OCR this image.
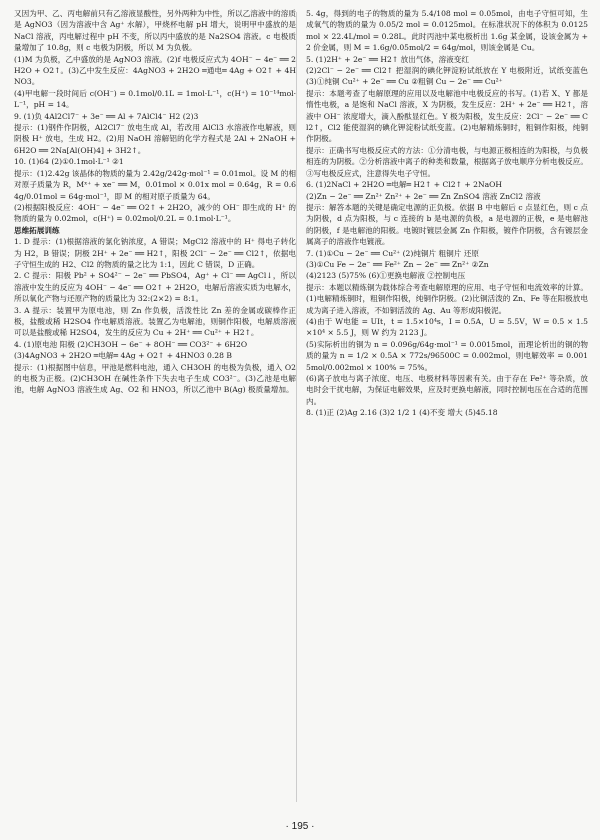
又因为甲、乙、丙电解前只有乙溶液显酸性，另外两种为中性，所以乙溶液中的溶质是 AgNO3（因为溶液中含 Ag⁺ 水解），甲烧杯电解 pH 增大，说明甲中盛放的是 NaCl 溶液，丙电解过程中 pH 不变，所以丙中盛放的是 Na2SO4 溶液。c 电极质量增加了 10.8g，则 c 电极为阴极，所以 M 为负极。
(1)M 为负极，乙中盛放的是 AgNO3 溶液。(2)f 电极反应式为 4OH⁻ − 4e⁻ ══ 2H2O + O2↑。(3)乙中发生反应：4AgNO3 + 2H2O ═通电═ 4Ag + O2↑ + 4HNO3。
(4)甲电解一段时间后 c(OH⁻) = 0.1mol/0.1L = 1mol·L⁻¹，c(H⁺) = 10⁻¹⁴mol·L⁻¹，pH = 14。
9. (1)负 4Al2Cl7⁻ + 3e⁻ ══ Al + 7AlCl4⁻ H2 (2)3
提示：(1)钢件作阴极，Al2Cl7⁻ 放电生成 Al，若改用 AlCl3 水溶液作电解液，则阴极 H⁺ 放电，生成 H2。(2)用 NaOH 溶解铝的化学方程式是 2Al + 2NaOH + 6H2O ══ 2Na[Al(OH)4] + 3H2↑。
10. (1)64 (2)①0.1mol·L⁻¹ ②1
提示：(1)2.42g 该晶体的物质的量为 2.42g/242g·mol⁻¹ = 0.01mol。设 M 的相对原子质量为 R，Mˣ⁺ + xe⁻ ══ M，0.01mol × 0.01x mol = 0.64g，R = 0.64g/0.01mol = 64g·mol⁻¹，即 M 的相对原子质量为 64。
(2)根据阳极反应：4OH⁻ − 4e⁻ ══ O2↑ + 2H2O，减少的 OH⁻ 即生成的 H⁺ 的物质的量为 0.02mol，c(H⁺) = 0.02mol/0.2L = 0.1mol·L⁻¹。
思维拓展训练
1. D 提示：(1)根据溶液的氯化钠浓度，A 错误；MgCl2 溶液中的 H⁺ 得电子转化为 H2，B 错误；阴极 2H⁺ + 2e⁻ ══ H2↑，阳极 2Cl⁻ − 2e⁻ ══ Cl2↑，依据电子守恒生成的 H2、Cl2 的物质的量之比为 1:1，因此 C 错误，D 正确。
2. C 提示：阳极 Pb² + SO4²⁻ − 2e⁻ ══ PbSO4，Ag⁺ + Cl⁻ ══ AgCl↓，所以溶液中发生的反应为 4OH⁻ − 4e⁻ ══ O2↑ + 2H2O，电解后溶液实质为电解水，所以氧化产物与还原产物的质量比为 32:(2×2) = 8:1。
3. A 提示：装置甲为原电池，则 Zn 作负极，活泼性比 Zn 差的金属或碳棒作正极，盐酸或稀 H2SO4 作电解质溶液。装置乙为电解池，则铜作阳极，电解质溶液可以是盐酸或稀 H2SO4，发生的反应为 Cu + 2H⁺ ══ Cu²⁺ + H2↑。
4. (1)原电池 阳极 (2)CH3OH − 6e⁻ + 8OH⁻ ══ CO3²⁻ + 6H2O
(3)4AgNO3 + 2H2O ═电解═ 4Ag + O2↑ + 4HNO3 0.28 B
提示：(1)根据图中信息，甲池是燃料电池，通入 CH3OH 的电极为负极，通入 O2 的电极为正极。(2)CH3OH 在碱性条件下失去电子生成 CO3²⁻。(3)乙池是电解池，电解 AgNO3 溶液生成 Ag、O2 和 HNO3，所以乙池中 B(Ag) 极质量增加。
5. 4g，得到的电子的物质的量为 5.4/108 mol = 0.05mol，由电子守恒可知，生成氧气的物质的量为 0.05/2 mol = 0.0125mol。在标准状况下的体积为 0.0125mol × 22.4L/mol = 0.28L。此时丙池中某电极析出 1.6g 某金属，设该金属为 +2 价金属，则 M = 1.6g/0.05mol/2 = 64g/mol，则该金属是 Cu。
5. (1)2H⁺ + 2e⁻ ══ H2↑ 放出气体，溶液变红
(2)2Cl⁻ − 2e⁻ ══ Cl2↑ 把湿润的碘化钾淀粉试纸放在 Y 电极附近，试纸变蓝色 (3)①纯铜 Cu²⁺ + 2e⁻ ══ Cu ②粗铜 Cu − 2e⁻ ══ Cu²⁺
提示：本题考查了电解原理的应用以及电解池中电极反应的书写。(1)若 X、Y 都是惰性电极，a 是饱和 NaCl 溶液，X 为阴极，发生反应：2H⁺ + 2e⁻ ══ H2↑，溶液中 OH⁻ 浓度增大，滴入酚酞显红色。Y 极为阳极，发生反应：2Cl⁻ − 2e⁻ ══ Cl2↑，Cl2 能使湿润的碘化钾淀粉试纸变蓝。(2)电解精炼铜时，粗铜作阳极，纯铜作阴极。
提示：正确书写电极反应式的方法：①分清电极，与电源正极相连的为阳极，与负极相连的为阴极。②分析溶液中离子的种类和数量，根据离子放电顺序分析电极反应。③写电极反应式，注意得失电子守恒。
6. (1)2NaCl + 2H2O ═电解═ H2↑ + Cl2↑ + 2NaOH
(2)Zn − 2e⁻ ══ Zn²⁺ Zn²⁺ + 2e⁻ ══ Zn ZnSO4 溶液 ZnCl2 溶液
提示：解答本题的关键是确定电源的正负极。依据 B 中电解后 c 点显红色，则 c 点为阴极，d 点为阳极，与 c 连接的 b 是电源的负极，a 是电源的正极，e 是电解池的阴极，f 是电解池的阳极。电镀时镀层金属 Zn 作阳极，镀件作阴极，含有镀层金属离子的溶液作电镀液。
7. (1)①Cu − 2e⁻ ══ Cu²⁺ (2)纯铜片 粗铜片 还原
(3)①Cu Fe − 2e⁻ ══ Fe²⁺ Zn − 2e⁻ ══ Zn²⁺ ②Zn
(4)2123 (5)75% (6)①更换电解液 ②控制电压
提示：本题以精炼铜为载体综合考查电解原理的应用、电子守恒和电流效率的计算。(1)电解精炼铜时，粗铜作阳极，纯铜作阴极。(2)比铜活泼的 Zn、Fe 等在阳极放电成为离子进入溶液，不如铜活泼的 Ag、Au 等形成阳极泥。
(4)由于 W电能 = UIt，t = 1.5×10⁴s，I = 0.5A，U = 5.5V，W = 0.5 × 1.5×10⁴ × 5.5 J，则 W 约为 2123 J。
(5)实际析出的铜为 n = 0.096g/64g·mol⁻¹ = 0.0015mol，而理论析出的铜的物质的量为 n = 1/2 × 0.5A × 772s/96500C = 0.002mol，则电解效率 = 0.0015mol/0.002mol × 100% = 75%。
(6)离子放电与离子浓度、电压、电极材料等因素有关。由于存在 Fe²⁺ 等杂质，放电时会干扰电解，为保证电解效果，应及时更换电解液，同时控制电压在合适的范围内。
8. (1)正 (2)Ag 2.16 (3)2 1/2 1 (4)不变 增大 (5)45.18
· 195 ·
